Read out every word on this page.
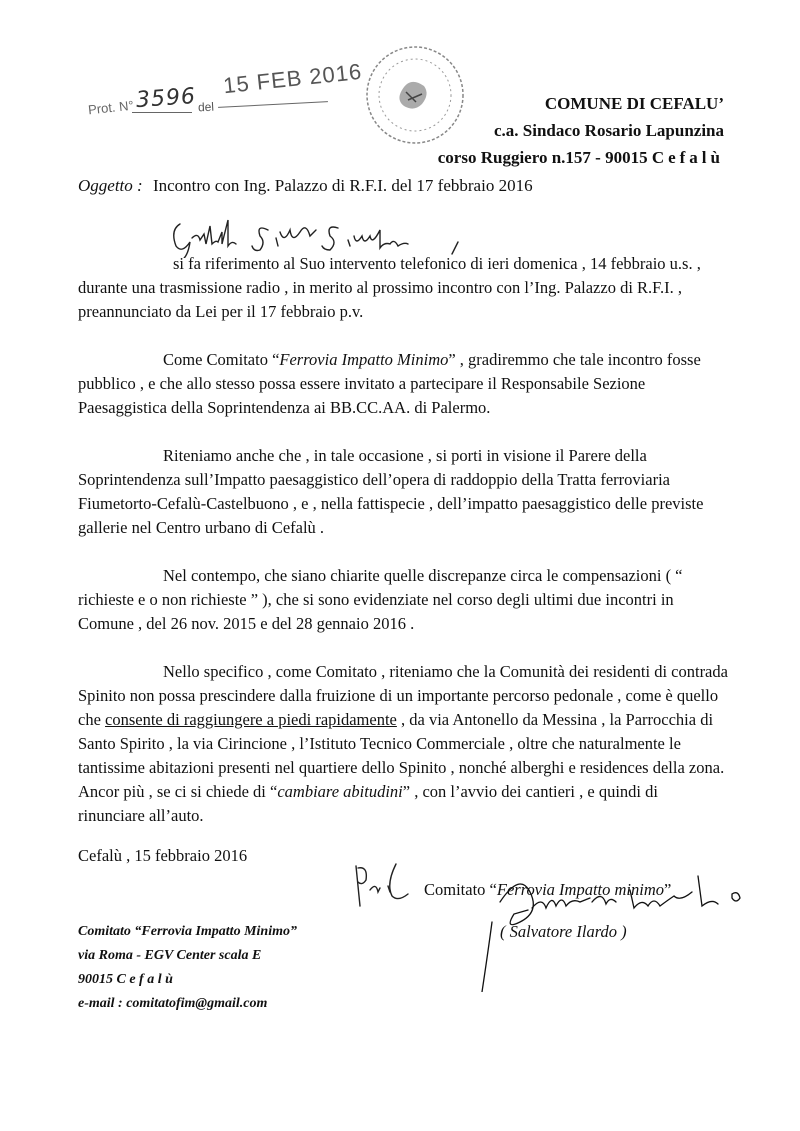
Prot. N° 3596 del
15 FEB 2016
COMUNE DI CEFALU’
c.a. Sindaco Rosario Lapunzina
corso Ruggiero n.157 - 90015 Cefalù
Oggetto : Incontro con Ing. Palazzo di R.F.I. del 17 febbraio 2016

si fa riferimento al Suo intervento telefonico di ieri domenica , 14 febbraio u.s. , durante una trasmissione radio , in merito al prossimo incontro con l’Ing. Palazzo di R.F.I. , preannunciato da Lei per il 17 febbraio p.v.

Come Comitato “Ferrovia Impatto Minimo” , gradiremmo che tale incontro fosse pubblico , e che allo stesso possa essere invitato a partecipare il Responsabile Sezione Paesaggistica della Soprintendenza ai BB.CC.AA. di Palermo.

Riteniamo anche che , in tale occasione , si porti in visione il Parere della Soprintendenza sull’Impatto paesaggistico dell’opera di raddoppio della Tratta ferroviaria Fiumetorto-Cefalù-Castelbuono , e , nella fattispecie , dell’impatto paesaggistico delle previste gallerie nel Centro urbano di Cefalù .

Nel contempo, che siano chiarite quelle discrepanze circa le compensazioni ( “ richieste e o non richieste ” ), che si sono evidenziate nel corso degli ultimi due incontri in Comune , del 26 nov. 2015 e del 28 gennaio 2016 .

Nello specifico , come Comitato , riteniamo che la Comunità dei residenti di contrada Spinito non possa prescindere dalla fruizione di un importante percorso pedonale , come è quello che consente di raggiungere a piedi rapidamente , da via Antonello da Messina , la Parrocchia di Santo Spirito , la via Cirincione , l’Istituto Tecnico Commerciale , oltre che naturalmente le tantissime abitazioni presenti nel quartiere dello Spinito , nonché alberghi e residences della zona. Ancor più , se ci si chiede di “cambiare abitudini” , con l’avvio dei cantieri , e quindi di rinunciare all’auto.

Cefalù , 15 febbraio 2016
Comitato “Ferrovia Impatto minimo”
( Salvatore Ilardo )
Comitato “Ferrovia Impatto Minimo”
via Roma - EGV Center scala E
90015 C e f a l ù
e-mail : comitatofim@gmail.com
